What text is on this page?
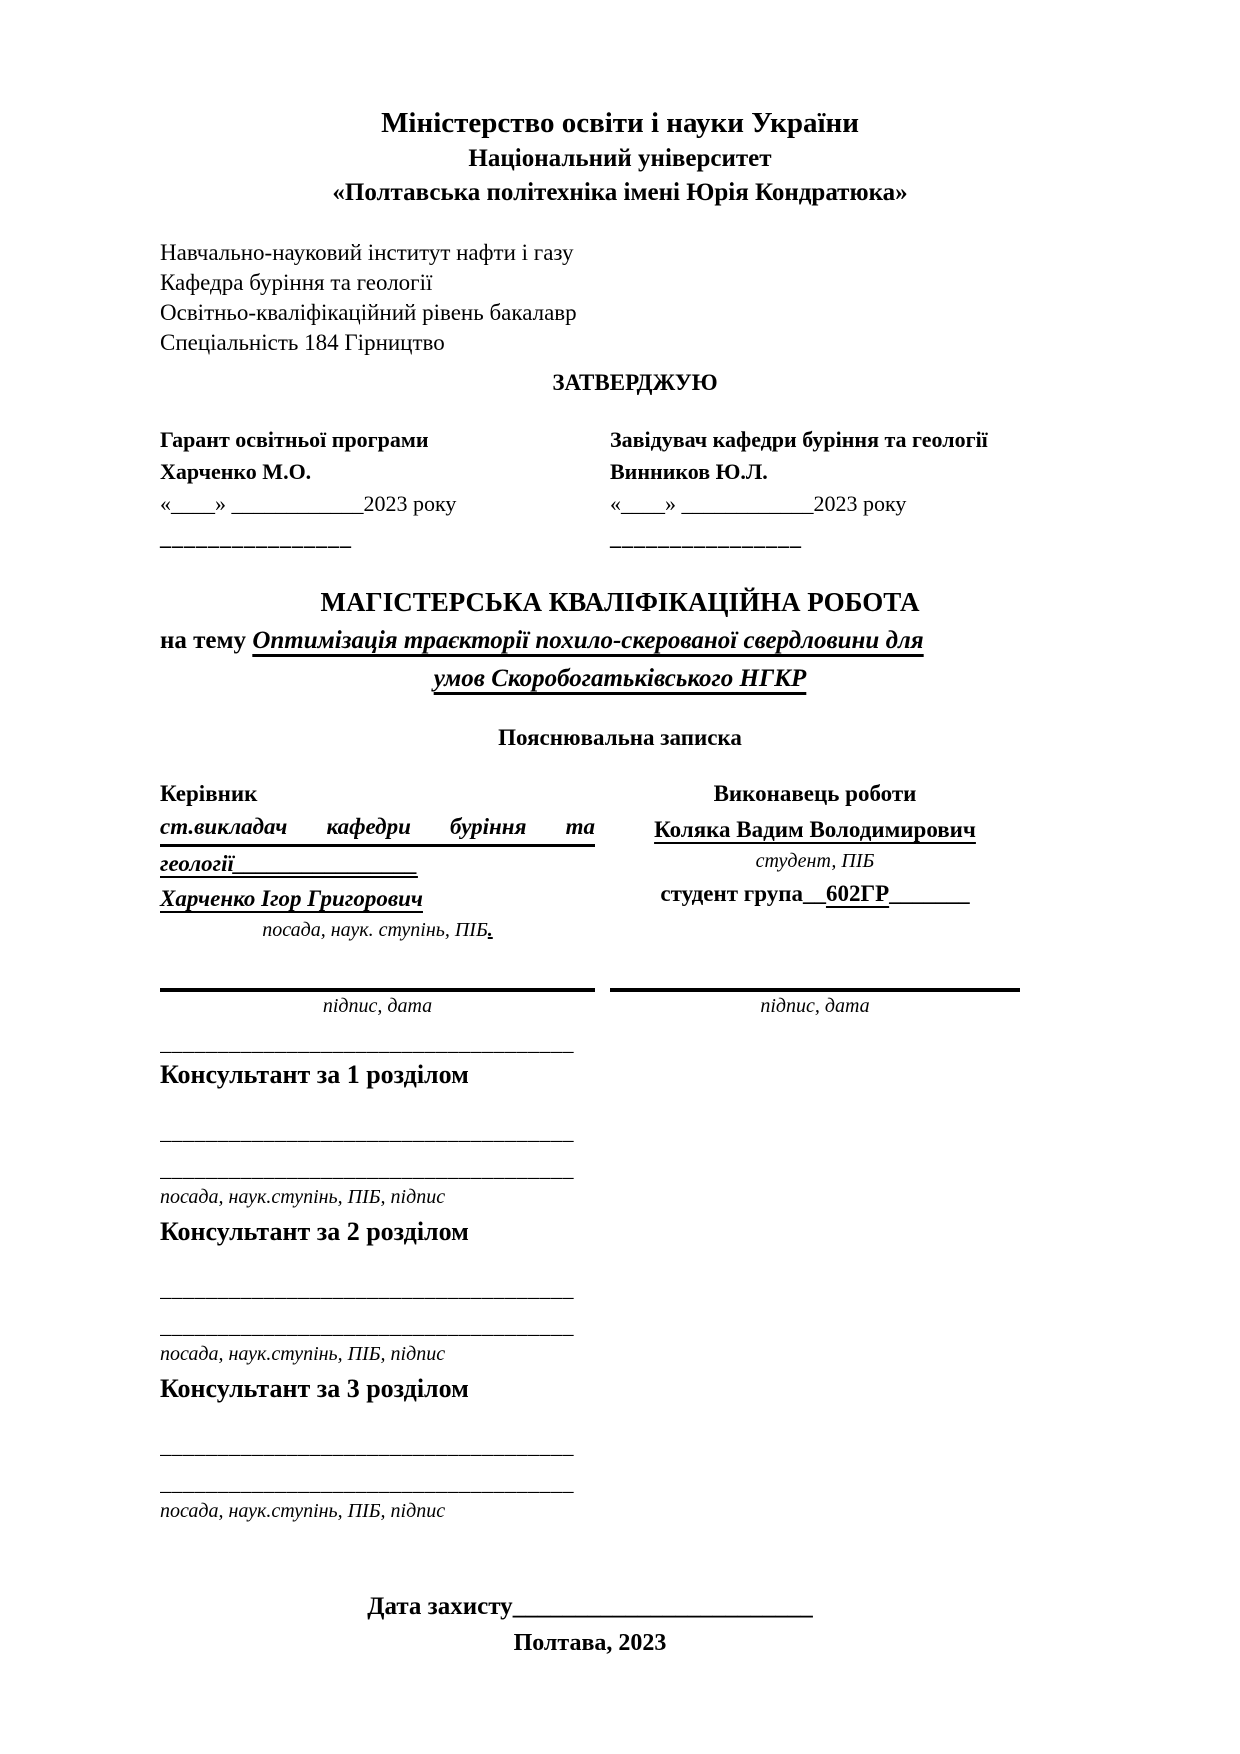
Міністерство освіти і науки України
Національний університет
«Полтавська політехніка імені Юрія Кондратюка»
Навчально-науковий інститут нафти і газу
Кафедра буріння та геології
Освітньо-кваліфікаційний рівень бакалавр
Спеціальність 184 Гірництво
ЗАТВЕРДЖУЮ
Гарант освітньої програми
Харченко М.О.
«____» ____________2023 року
________________
Завідувач кафедри буріння та геології
Винников Ю.Л.
«____» ____________2023 року
________________
МАГІСТЕРСЬКА КВАЛІФІКАЦІЙНА РОБОТА
на тему Оптимізація траєкторії похило-скерованої свердловини для
умов Скоробогатьківського НГКР
Пояснювальна записка
Керівник
ст.викладач кафедри буріння та
геології________________
Харченко Ігор Григорович
посада, наук. ступінь, ПІБ.
підпис, дата
Виконавець роботи
Коляка Вадим Володимирович
студент, ПІБ
студент група__602ГР_______
підпис, дата
____________________________________
Консультант за 1 розділом
____________________________________
____________________________________
посада, наук.ступінь, ПІБ, підпис
Консультант за 2 розділом
____________________________________
____________________________________
посада, наук.ступінь, ПІБ, підпис
Консультант за 3 розділом
____________________________________
____________________________________
посада, наук.ступінь, ПІБ, підпис
Дата захисту________________________
Полтава, 2023
